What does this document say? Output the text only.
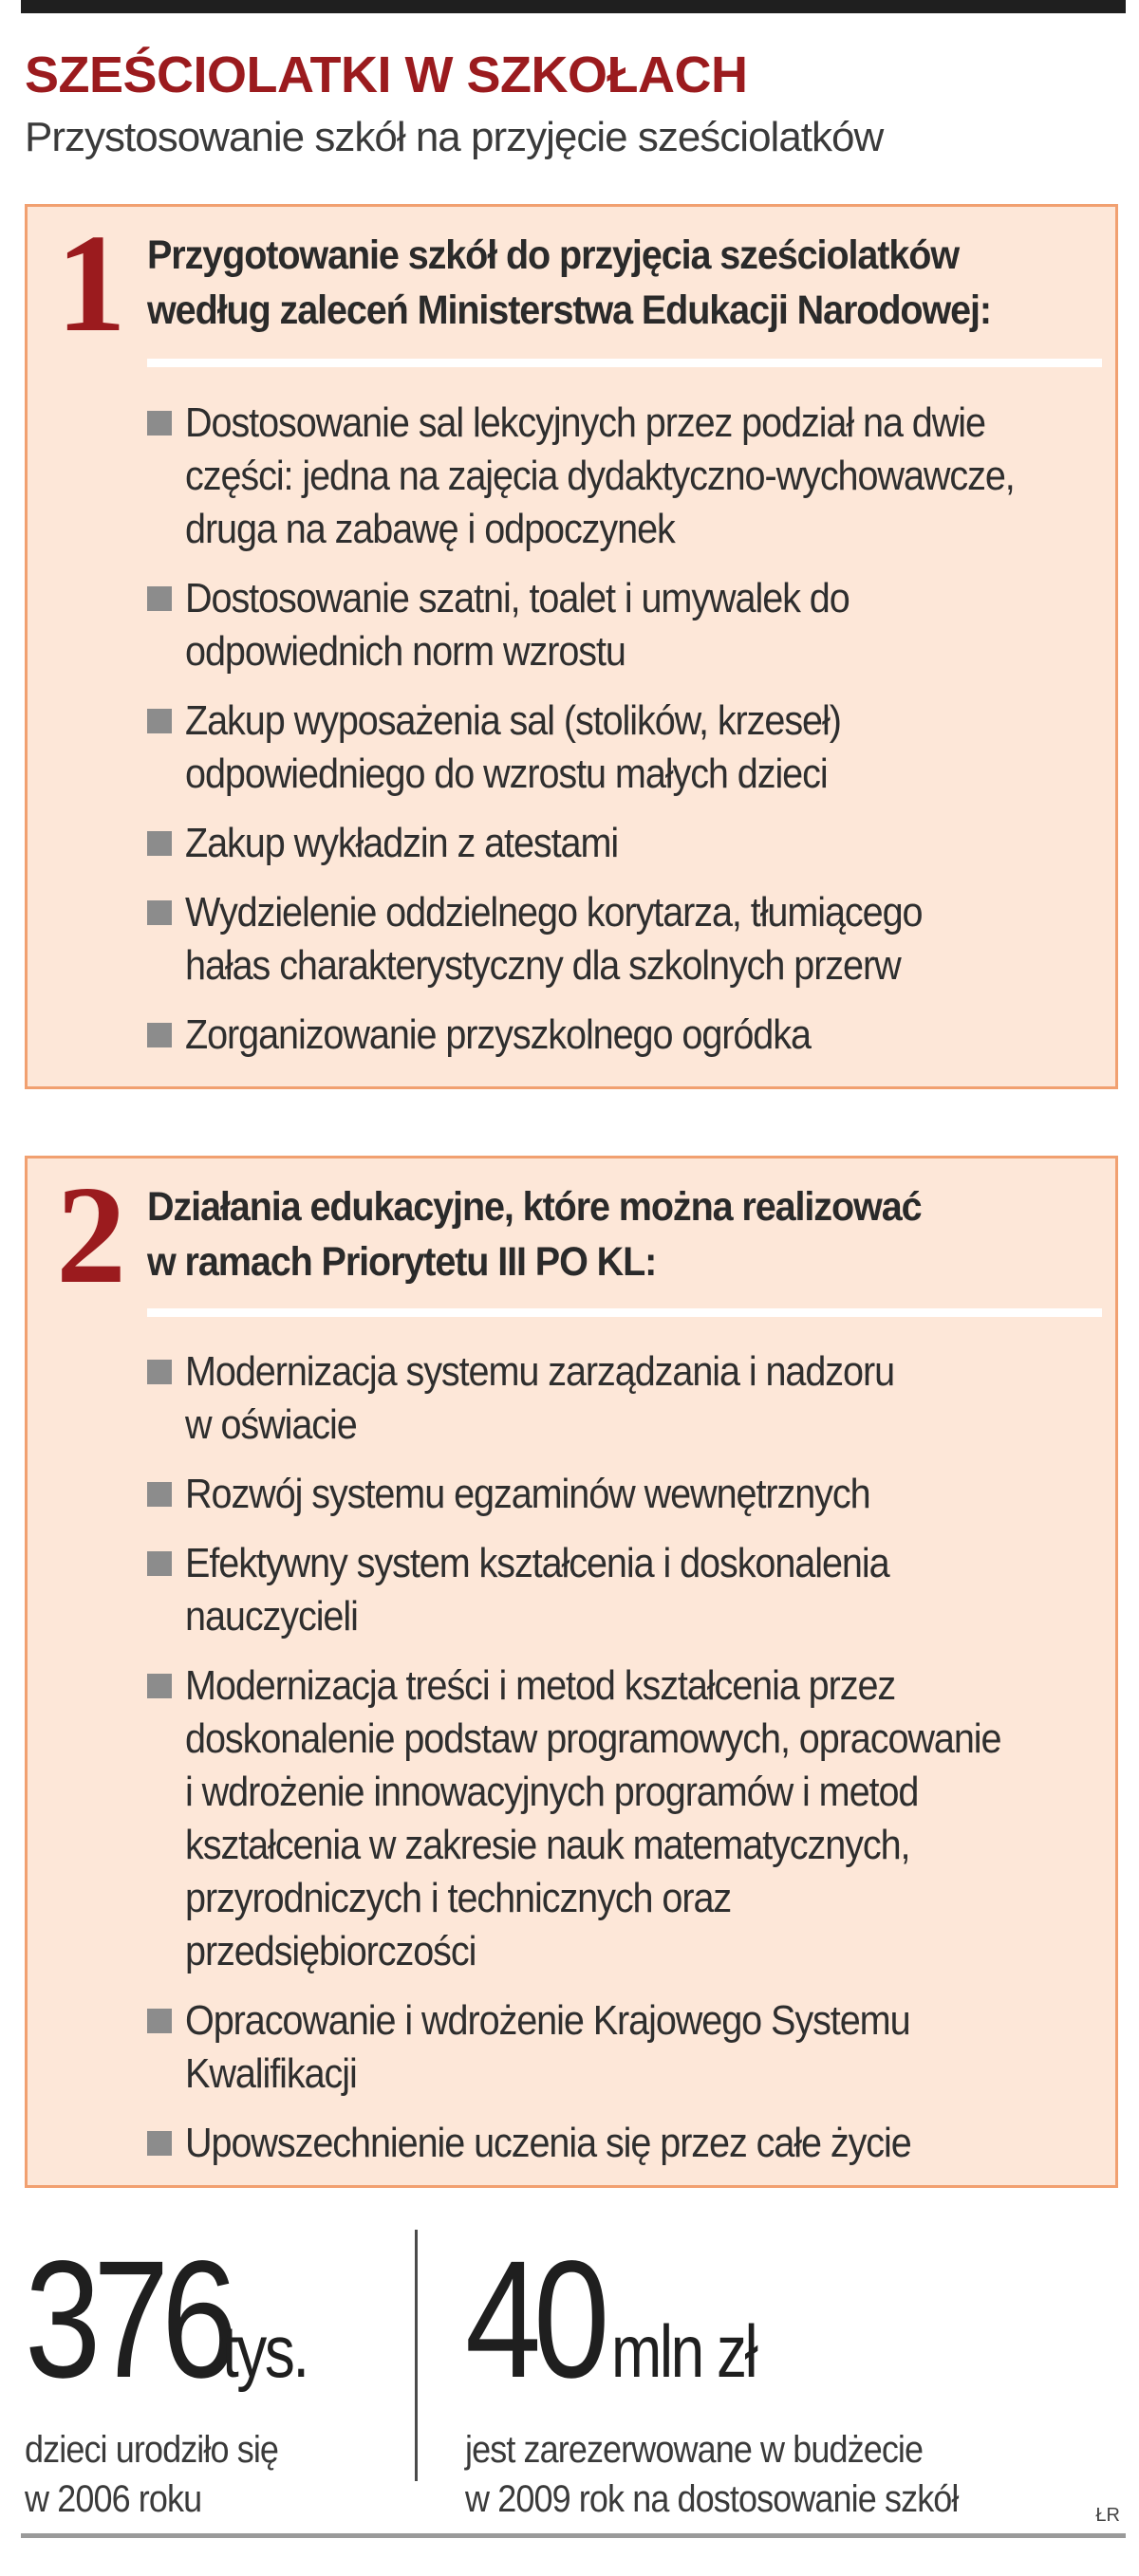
SZEŚCIOLATKI W SZKOŁACH
Przystosowanie szkół na przyjęcie sześciolatków
1 Przygotowanie szkół do przyjęcia sześciolatków
według zaleceń Ministerstwa Edukacji Narodowej:
Dostosowanie sal lekcyjnych przez podział na dwie
części: jedna na zajęcia dydaktyczno-wychowawcze,
druga na zabawę i odpoczynek
Dostosowanie szatni, toalet i umywalek do
odpowiednich norm wzrostu
Zakup wyposażenia sal (stolików, krzeseł)
odpowiedniego do wzrostu małych dzieci
Zakup wykładzin z atestami
Wydzielenie oddzielnego korytarza, tłumiącego
hałas charakterystyczny dla szkolnych przerw
Zorganizowanie przyszkolnego ogródka
2 Działania edukacyjne, które można realizować
w ramach Priorytetu III PO KL:
Modernizacja systemu zarządzania i nadzoru
w oświacie
Rozwój systemu egzaminów wewnętrznych
Efektywny system kształcenia i doskonalenia
nauczycieli
Modernizacja treści i metod kształcenia przez
doskonalenie podstaw programowych, opracowanie
i wdrożenie innowacyjnych programów i metod
kształcenia w zakresie nauk matematycznych,
przyrodniczych i technicznych oraz
przedsiębiorczości
Opracowanie i wdrożenie Krajowego Systemu
Kwalifikacji
Upowszechnienie uczenia się przez całe życie
376tys.
dzieci urodziło się
w 2006 roku
40 mln zł
jest zarezerwowane w budżecie
w 2009 rok na dostosowanie szkół	ŁR
